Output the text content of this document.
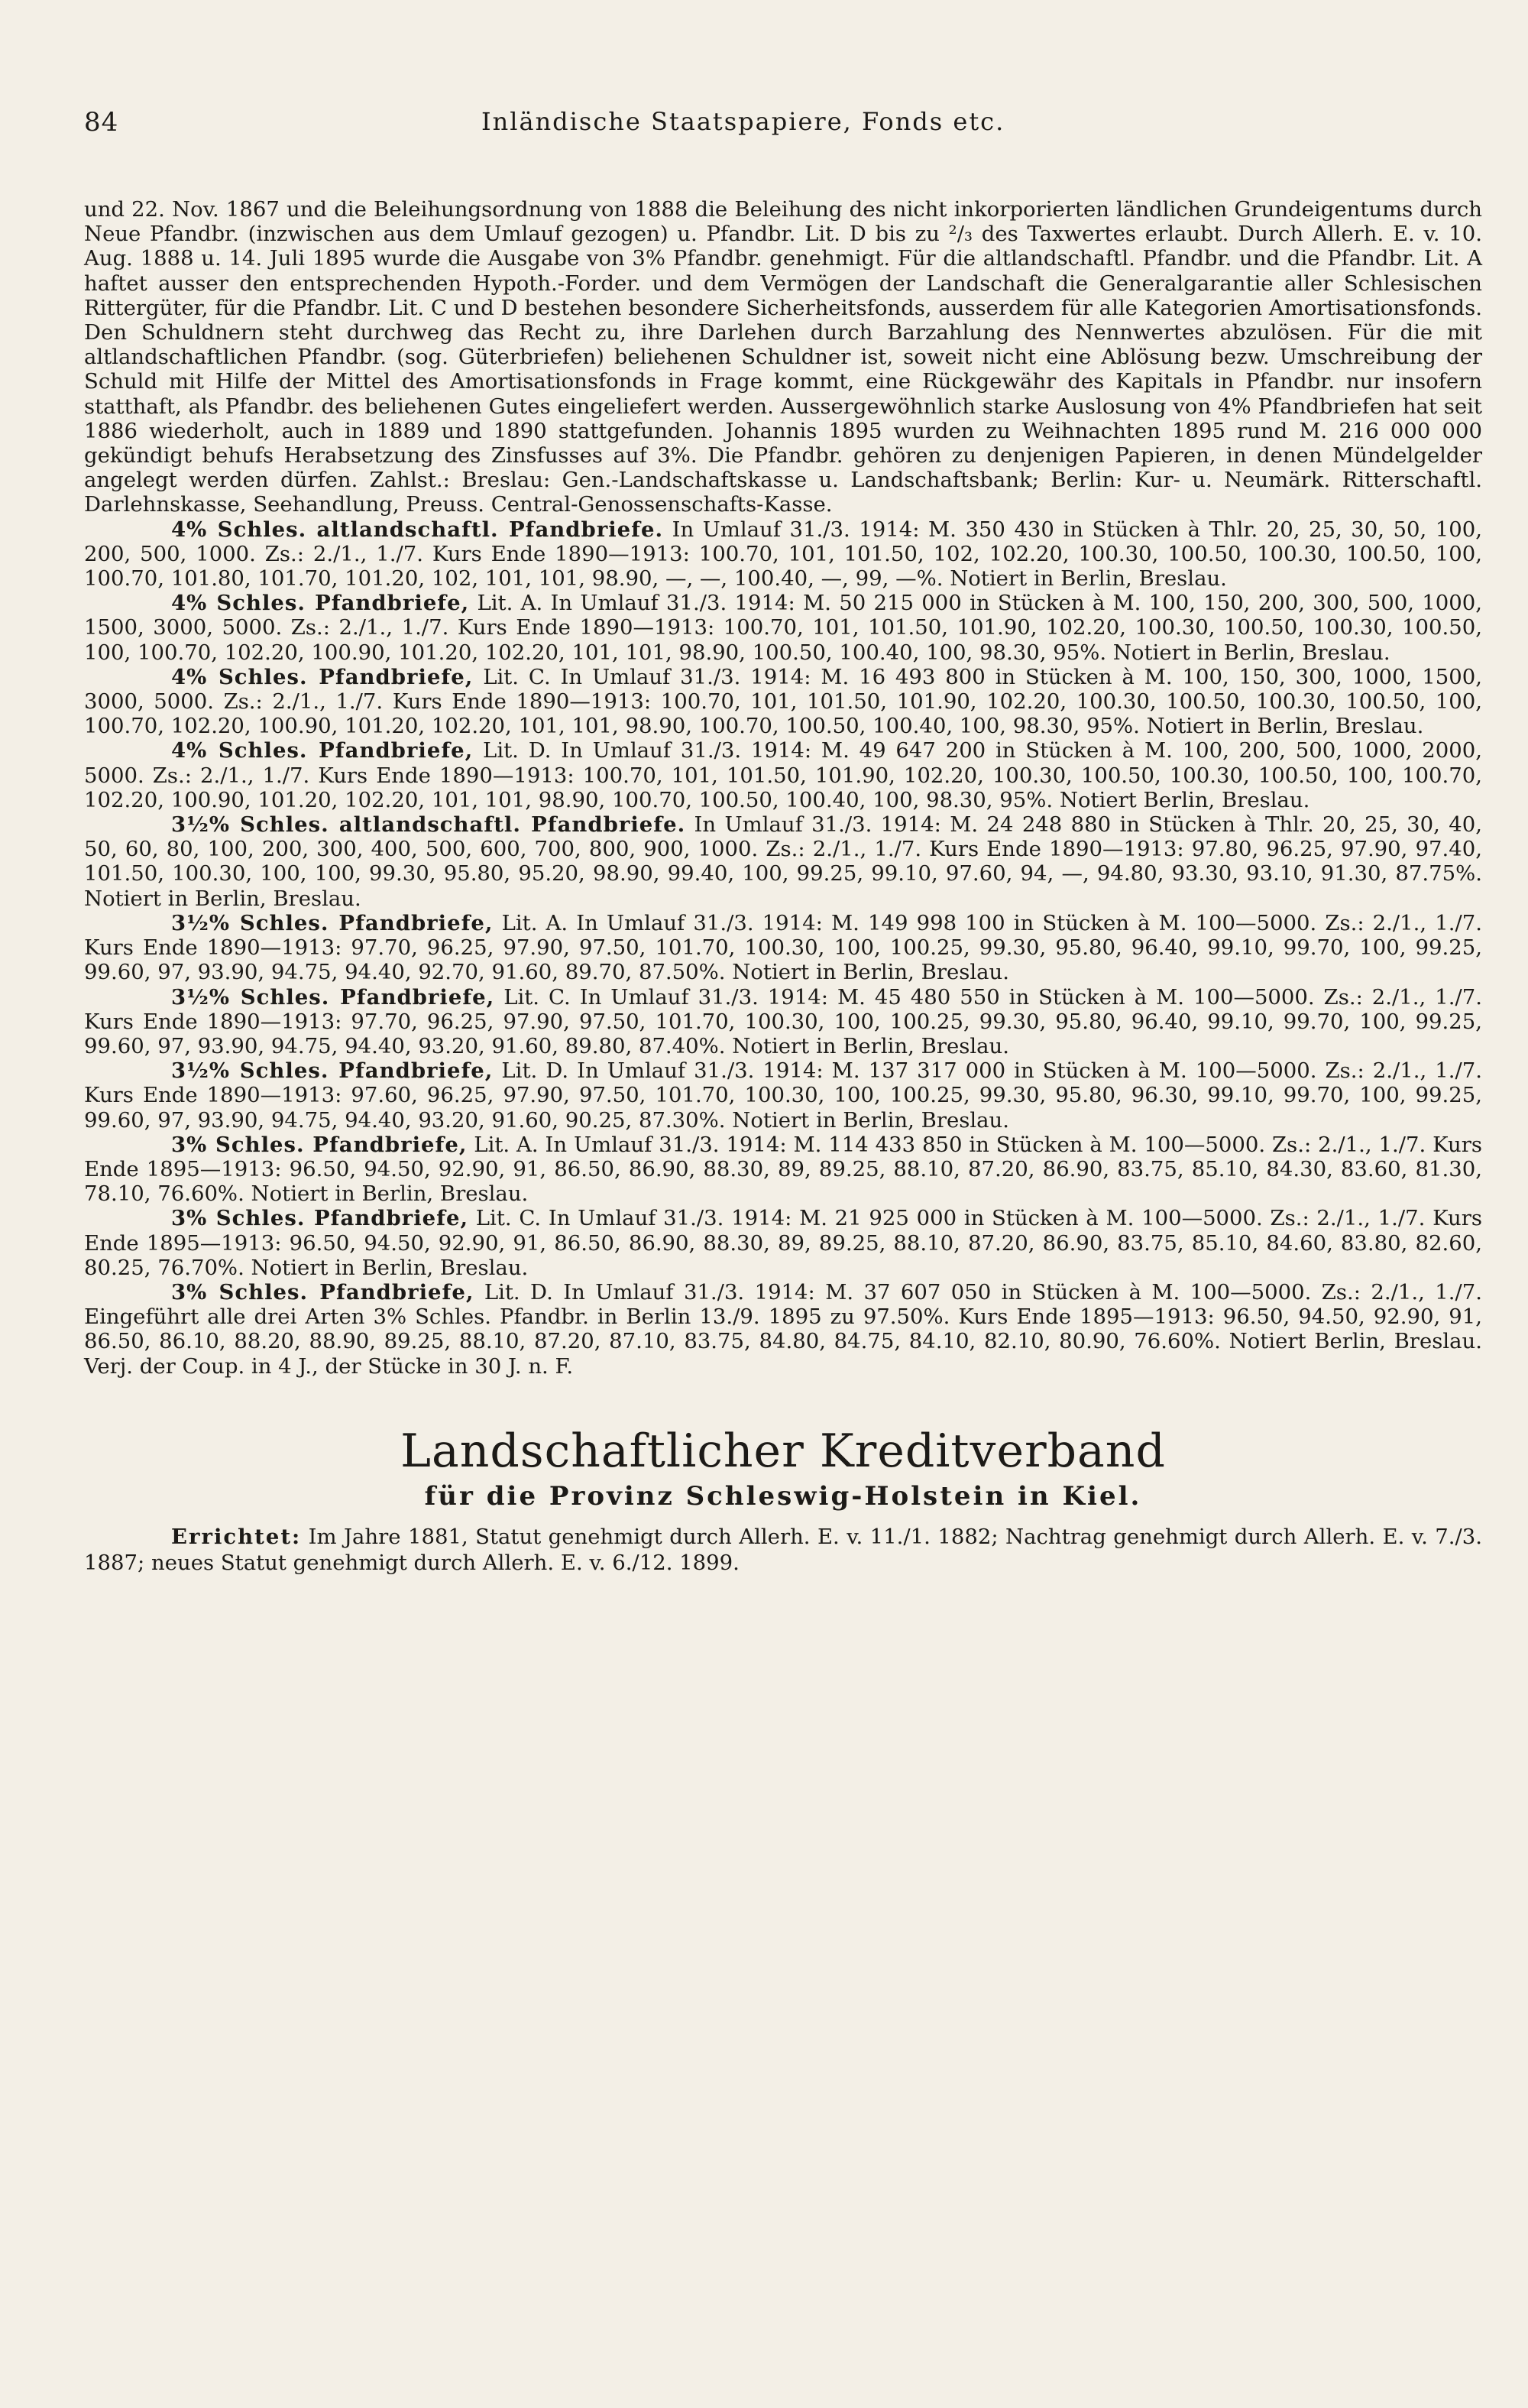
84	Inländische Staatspapiere, Fonds etc.

und 22. Nov. 1867 und die Beleihungsordnung von 1888 die Beleihung des nicht inkorporierten ländlichen Grundeigentums durch Neue Pfandbr. (inzwischen aus dem Umlauf gezogen) u. Pfandbr. Lit. D bis zu ²/₃ des Taxwertes erlaubt. Durch Allerh. E. v. 10. Aug. 1888 u. 14. Juli 1895 wurde die Ausgabe von 3% Pfandbr. genehmigt. Für die altlandschaftl. Pfandbr. und die Pfandbr. Lit. A haftet ausser den entsprechenden Hypoth.-Forder. und dem Vermögen der Landschaft die Generalgarantie aller Schlesischen Rittergüter, für die Pfandbr. Lit. C und D bestehen besondere Sicherheitsfonds, ausserdem für alle Kategorien Amortisationsfonds. Den Schuldnern steht durchweg das Recht zu, ihre Darlehen durch Barzahlung des Nennwertes abzulösen. Für die mit altlandschaftlichen Pfandbr. (sog. Güterbriefen) beliehenen Schuldner ist, soweit nicht eine Ablösung bezw. Umschreibung der Schuld mit Hilfe der Mittel des Amortisationsfonds in Frage kommt, eine Rückgewähr des Kapitals in Pfandbr. nur insofern statthaft, als Pfandbr. des beliehenen Gutes eingeliefert werden. Aussergewöhnlich starke Auslosung von 4% Pfandbriefen hat seit 1886 wiederholt, auch in 1889 und 1890 stattgefunden. Johannis 1895 wurden zu Weihnachten 1895 rund M. 216 000 000 gekündigt behufs Herabsetzung des Zinsfusses auf 3%. Die Pfandbr. gehören zu denjenigen Papieren, in denen Mündelgelder angelegt werden dürfen. Zahlst.: Breslau: Gen.-Landschaftskasse u. Landschaftsbank; Berlin: Kur- u. Neumärk. Ritterschaftl. Darlehnskasse, Seehandlung, Preuss. Central-Genossenschafts-Kasse.

4% Schles. altlandschaftl. Pfandbriefe. In Umlauf 31./3. 1914: M. 350 430 in Stücken à Thlr. 20, 25, 30, 50, 100, 200, 500, 1000. Zs.: 2./1., 1./7. Kurs Ende 1890—1913: 100.70, 101, 101.50, 102, 102.20, 100.30, 100.50, 100.30, 100.50, 100, 100.70, 101.80, 101.70, 101.20, 102, 101, 101, 98.90, —, —, 100.40, —, 99, —%. Notiert in Berlin, Breslau.

4% Schles. Pfandbriefe, Lit. A. In Umlauf 31./3. 1914: M. 50 215 000 in Stücken à M. 100, 150, 200, 300, 500, 1000, 1500, 3000, 5000. Zs.: 2./1., 1./7. Kurs Ende 1890—1913: 100.70, 101, 101.50, 101.90, 102.20, 100.30, 100.50, 100.30, 100.50, 100, 100.70, 102.20, 100.90, 101.20, 102.20, 101, 101, 98.90, 100.50, 100.40, 100, 98.30, 95%. Notiert in Berlin, Breslau.

4% Schles. Pfandbriefe, Lit. C. In Umlauf 31./3. 1914: M. 16 493 800 in Stücken à M. 100, 150, 300, 1000, 1500, 3000, 5000. Zs.: 2./1., 1./7. Kurs Ende 1890—1913: 100.70, 101, 101.50, 101.90, 102.20, 100.30, 100.50, 100.30, 100.50, 100, 100.70, 102.20, 100.90, 101.20, 102.20, 101, 101, 98.90, 100.70, 100.50, 100.40, 100, 98.30, 95%. Notiert in Berlin, Breslau.

4% Schles. Pfandbriefe, Lit. D. In Umlauf 31./3. 1914: M. 49 647 200 in Stücken à M. 100, 200, 500, 1000, 2000, 5000. Zs.: 2./1., 1./7. Kurs Ende 1890—1913: 100.70, 101, 101.50, 101.90, 102.20, 100.30, 100.50, 100.30, 100.50, 100, 100.70, 102.20, 100.90, 101.20, 102.20, 101, 101, 98.90, 100.70, 100.50, 100.40, 100, 98.30, 95%. Notiert Berlin, Breslau.

3½% Schles. altlandschaftl. Pfandbriefe. In Umlauf 31./3. 1914: M. 24 248 880 in Stücken à Thlr. 20, 25, 30, 40, 50, 60, 80, 100, 200, 300, 400, 500, 600, 700, 800, 900, 1000. Zs.: 2./1., 1./7. Kurs Ende 1890—1913: 97.80, 96.25, 97.90, 97.40, 101.50, 100.30, 100, 100, 99.30, 95.80, 95.20, 98.90, 99.40, 100, 99.25, 99.10, 97.60, 94, —, 94.80, 93.30, 93.10, 91.30, 87.75%. Notiert in Berlin, Breslau.

3½% Schles. Pfandbriefe, Lit. A. In Umlauf 31./3. 1914: M. 149 998 100 in Stücken à M. 100—5000. Zs.: 2./1., 1./7. Kurs Ende 1890—1913: 97.70, 96.25, 97.90, 97.50, 101.70, 100.30, 100, 100.25, 99.30, 95.80, 96.40, 99.10, 99.70, 100, 99.25, 99.60, 97, 93.90, 94.75, 94.40, 92.70, 91.60, 89.70, 87.50%. Notiert in Berlin, Breslau.

3½% Schles. Pfandbriefe, Lit. C. In Umlauf 31./3. 1914: M. 45 480 550 in Stücken à M. 100—5000. Zs.: 2./1., 1./7. Kurs Ende 1890—1913: 97.70, 96.25, 97.90, 97.50, 101.70, 100.30, 100, 100.25, 99.30, 95.80, 96.40, 99.10, 99.70, 100, 99.25, 99.60, 97, 93.90, 94.75, 94.40, 93.20, 91.60, 89.80, 87.40%. Notiert in Berlin, Breslau.

3½% Schles. Pfandbriefe, Lit. D. In Umlauf 31./3. 1914: M. 137 317 000 in Stücken à M. 100—5000. Zs.: 2./1., 1./7. Kurs Ende 1890—1913: 97.60, 96.25, 97.90, 97.50, 101.70, 100.30, 100, 100.25, 99.30, 95.80, 96.30, 99.10, 99.70, 100, 99.25, 99.60, 97, 93.90, 94.75, 94.40, 93.20, 91.60, 90.25, 87.30%. Notiert in Berlin, Breslau.

3% Schles. Pfandbriefe, Lit. A. In Umlauf 31./3. 1914: M. 114 433 850 in Stücken à M. 100—5000. Zs.: 2./1., 1./7. Kurs Ende 1895—1913: 96.50, 94.50, 92.90, 91, 86.50, 86.90, 88.30, 89, 89.25, 88.10, 87.20, 86.90, 83.75, 85.10, 84.30, 83.60, 81.30, 78.10, 76.60%. Notiert in Berlin, Breslau.

3% Schles. Pfandbriefe, Lit. C. In Umlauf 31./3. 1914: M. 21 925 000 in Stücken à M. 100—5000. Zs.: 2./1., 1./7. Kurs Ende 1895—1913: 96.50, 94.50, 92.90, 91, 86.50, 86.90, 88.30, 89, 89.25, 88.10, 87.20, 86.90, 83.75, 85.10, 84.60, 83.80, 82.60, 80.25, 76.70%. Notiert in Berlin, Breslau.

3% Schles. Pfandbriefe, Lit. D. In Umlauf 31./3. 1914: M. 37 607 050 in Stücken à M. 100—5000. Zs.: 2./1., 1./7. Eingeführt alle drei Arten 3% Schles. Pfandbr. in Berlin 13./9. 1895 zu 97.50%. Kurs Ende 1895—1913: 96.50, 94.50, 92.90, 91, 86.50, 86.10, 88.20, 88.90, 89.25, 88.10, 87.20, 87.10, 83.75, 84.80, 84.75, 84.10, 82.10, 80.90, 76.60%. Notiert Berlin, Breslau. Verj. der Coup. in 4 J., der Stücke in 30 J. n. F.

Landschaftlicher Kreditverband
für die Provinz Schleswig-Holstein in Kiel.

Errichtet: Im Jahre 1881, Statut genehmigt durch Allerh. E. v. 11./1. 1882; Nachtrag genehmigt durch Allerh. E. v. 7./3. 1887; neues Statut genehmigt durch Allerh. E. v. 6./12. 1899.
